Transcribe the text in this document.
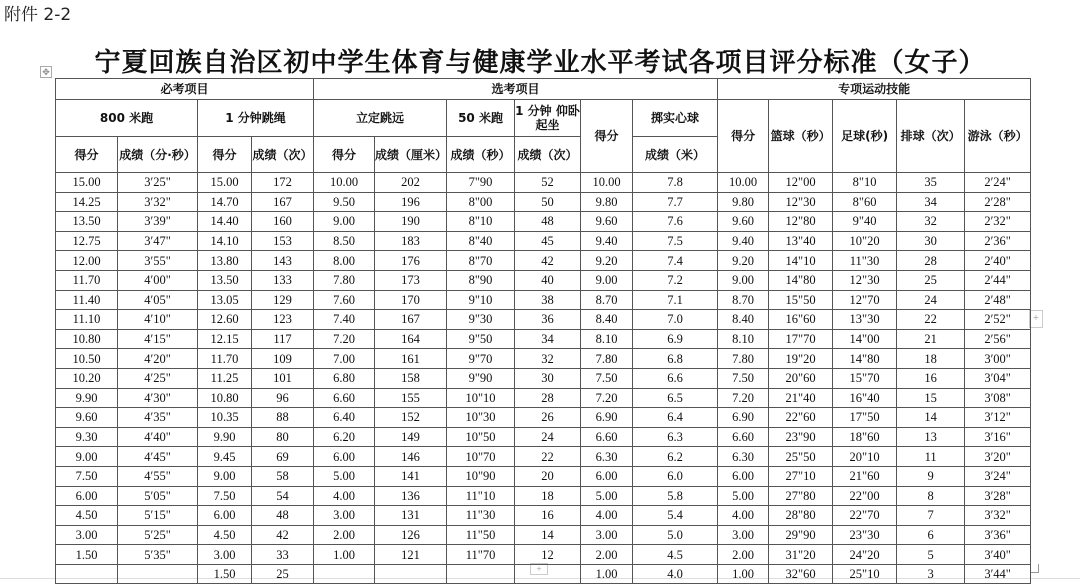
附件 2-2
宁夏回族自治区初中学生体育与健康学业水平考试各项目评分标准（女子）
✥
+
+
必考项目				选考项目						专项运动技能				
800 米跑		1 分钟跳绳		立定跳远		50 米跑	1 分钟 仰卧起坐	得分	掷实心球	得分	篮球（秒）	足球(秒)	排球（次）	游泳（秒）
得分	成绩（分·秒）	得分	成绩（次）	得分	成绩（厘米）	成绩（秒）	成绩（次）		成绩（米）					
15.00	3′25"	15.00	172	10.00	202	7"90	52	10.00	7.8	10.00	12"00	8"10	35	2′24"
14.25	3′32"	14.70	167	9.50	196	8"00	50	9.80	7.7	9.80	12"30	8"60	34	2′28"
13.50	3′39"	14.40	160	9.00	190	8"10	48	9.60	7.6	9.60	12"80	9"40	32	2′32"
12.75	3′47"	14.10	153	8.50	183	8"40	45	9.40	7.5	9.40	13"40	10"20	30	2′36"
12.00	3′55"	13.80	143	8.00	176	8"70	42	9.20	7.4	9.20	14"10	11"30	28	2′40"
11.70	4′00"	13.50	133	7.80	173	8"90	40	9.00	7.2	9.00	14"80	12"30	25	2′44"
11.40	4′05"	13.05	129	7.60	170	9"10	38	8.70	7.1	8.70	15"50	12"70	24	2′48"
11.10	4′10"	12.60	123	7.40	167	9"30	36	8.40	7.0	8.40	16"60	13"30	22	2′52"
10.80	4′15"	12.15	117	7.20	164	9"50	34	8.10	6.9	8.10	17"70	14"00	21	2′56"
10.50	4′20"	11.70	109	7.00	161	9"70	32	7.80	6.8	7.80	19"20	14"80	18	3′00"
10.20	4′25"	11.25	101	6.80	158	9"90	30	7.50	6.6	7.50	20"60	15"70	16	3′04"
9.90	4′30"	10.80	96	6.60	155	10"10	28	7.20	6.5	7.20	21"40	16"40	15	3′08"
9.60	4′35"	10.35	88	6.40	152	10"30	26	6.90	6.4	6.90	22"60	17"50	14	3′12"
9.30	4′40"	9.90	80	6.20	149	10"50	24	6.60	6.3	6.60	23"90	18"60	13	3′16"
9.00	4′45"	9.45	69	6.00	146	10"70	22	6.30	6.2	6.30	25"50	20"10	11	3′20"
7.50	4′55"	9.00	58	5.00	141	10"90	20	6.00	6.0	6.00	27"10	21"60	9	3′24"
6.00	5′05"	7.50	54	4.00	136	11"10	18	5.00	5.8	5.00	27"80	22"00	8	3′28"
4.50	5′15"	6.00	48	3.00	131	11"30	16	4.00	5.4	4.00	28"80	22"70	7	3′32"
3.00	5′25"	4.50	42	2.00	126	11"50	14	3.00	5.0	3.00	29"90	23"30	6	3′36"
1.50	5′35"	3.00	33	1.00	121	11"70	12	2.00	4.5	2.00	31"20	24"20	5	3′40"
		1.50	25					1.00	4.0	1.00	32"60	25"10	3	3′44"
